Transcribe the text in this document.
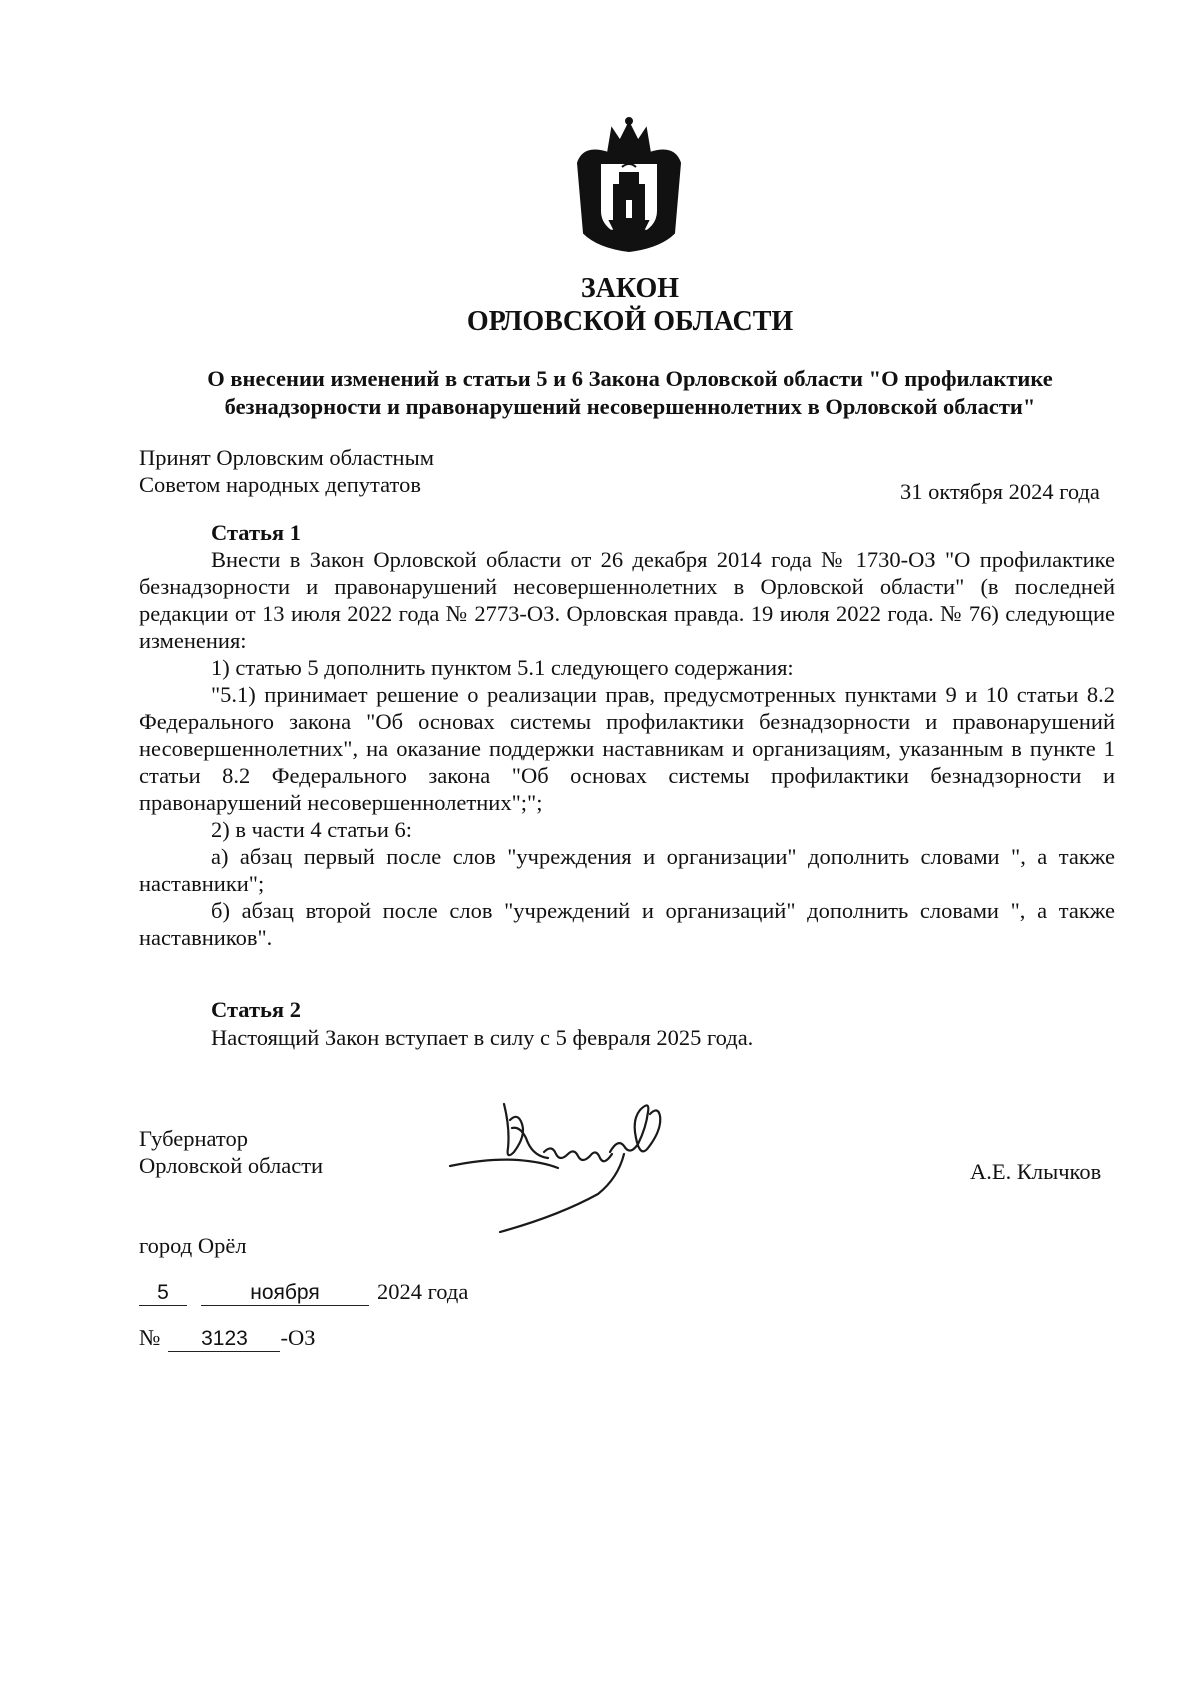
ЗАКОН
ОРЛОВСКОЙ ОБЛАСТИ
О внесении изменений в статьи 5 и 6 Закона Орловской области "О профилактике
безнадзорности и правонарушений несовершеннолетних в Орловской области"
Принят Орловским областным
Советом народных депутатов	31 октября 2024 года
Статья 1

Внести в Закон Орловской области от 26 декабря 2014 года № 1730-ОЗ "О профилактике безнадзорности и правонарушений несовершеннолетних в Орловской области" (в последней редакции от 13 июля 2022 года № 2773-ОЗ. Орловская правда. 19 июля 2022 года. № 76) следующие изменения:

1) статью 5 дополнить пунктом 5.1 следующего содержания:

"5.1) принимает решение о реализации прав, предусмотренных пунктами 9 и 10 статьи 8.2 Федерального закона "Об основах системы профилактики безнадзорности и правонарушений несовершеннолетних", на оказание поддержки наставникам и организациям, указанным в пункте 1 статьи 8.2 Федерального закона "Об основах системы профилактики безнадзорности и правонарушений несовершеннолетних";";

2) в части 4 статьи 6:

а) абзац первый после слов "учреждения и организации" дополнить словами ", а также наставники";

б) абзац второй после слов "учреждений и организаций" дополнить словами ", а также наставников".

Статья 2
Настоящий Закон вступает в силу с 5 февраля 2025 года.
Губернатор
Орловской области	А.Е. Клычков
город Орёл
5	ноября	2024 года
№ 3123 -ОЗ
